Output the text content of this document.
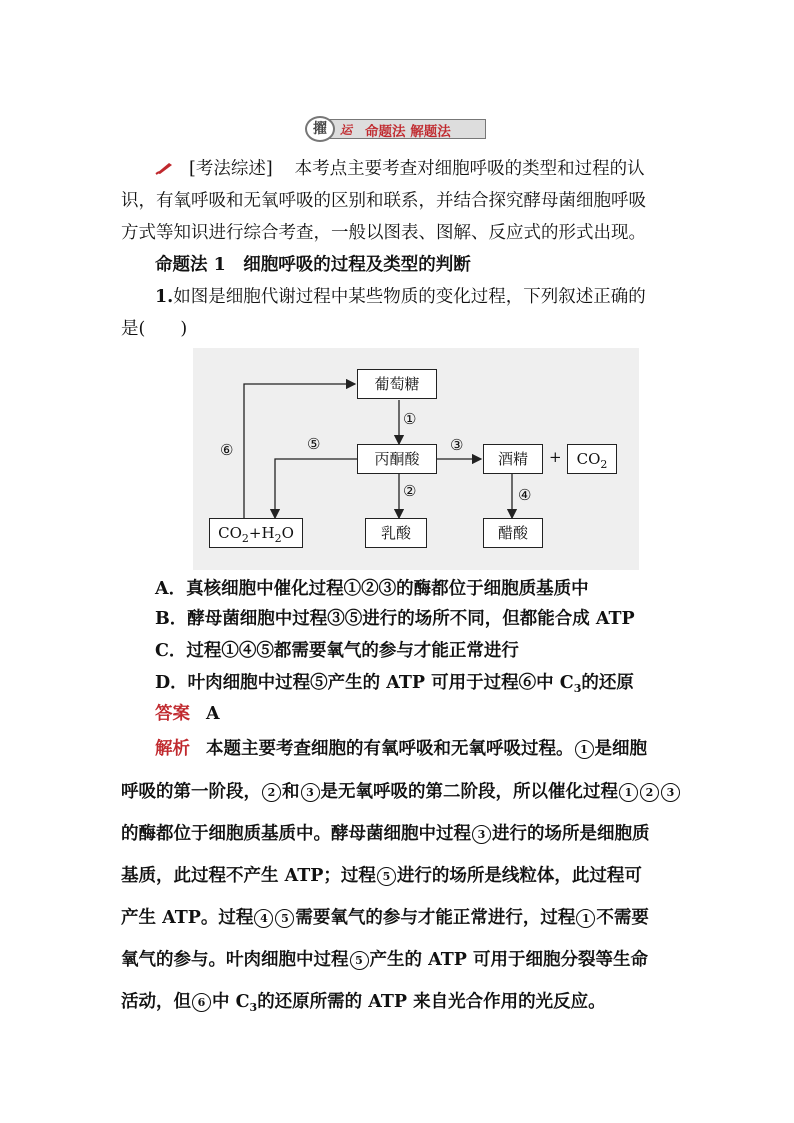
擢	运 命题法 解题法
[考法综述] 本考点主要考查对细胞呼吸的类型和过程的认
识，有氧呼吸和无氧呼吸的区别和联系，并结合探究酵母菌细胞呼吸
方式等知识进行综合考查，一般以图表、图解、反应式的形式出现。
命题法 1　细胞呼吸的过程及类型的判断
1.如图是细胞代谢过程中某些物质的变化过程，下列叙述正确的
是(　　)
葡萄糖
丙酮酸	酒精	+	$CO_2$
$CO_2+H_2O$	乳酸	醋酸
①
②
③
④
⑤
⑥
A．真核细胞中催化过程①②③的酶都位于细胞质基质中
B．酵母菌细胞中过程③⑤进行的场所不同，但都能合成 ATP
C．过程①④⑤都需要氧气的参与才能正常进行
D．叶肉细胞中过程⑤产生的 ATP 可用于过程⑥中 $C_3$的还原
答案 A
解析 本题主要考查细胞的有氧呼吸和无氧呼吸过程。 1 是细胞
呼吸的第一阶段， 2 和 3 是无氧呼吸的第二阶段，所以催化过程 1 2 3
的酶都位于细胞质基质中。酵母菌细胞中过程 3 进行的场所是细胞质
基质，此过程不产生 ATP；过程 5 进行的场所是线粒体，此过程可
产生 ATP。过程 4 5 需要氧气的参与才能正常进行，过程 1 不需要
氧气的参与。叶肉细胞中过程 5 产生的 ATP 可用于细胞分裂等生命
活动，但 6 中 $C_3$的还原所需的 ATP 来自光合作用的光反应。
